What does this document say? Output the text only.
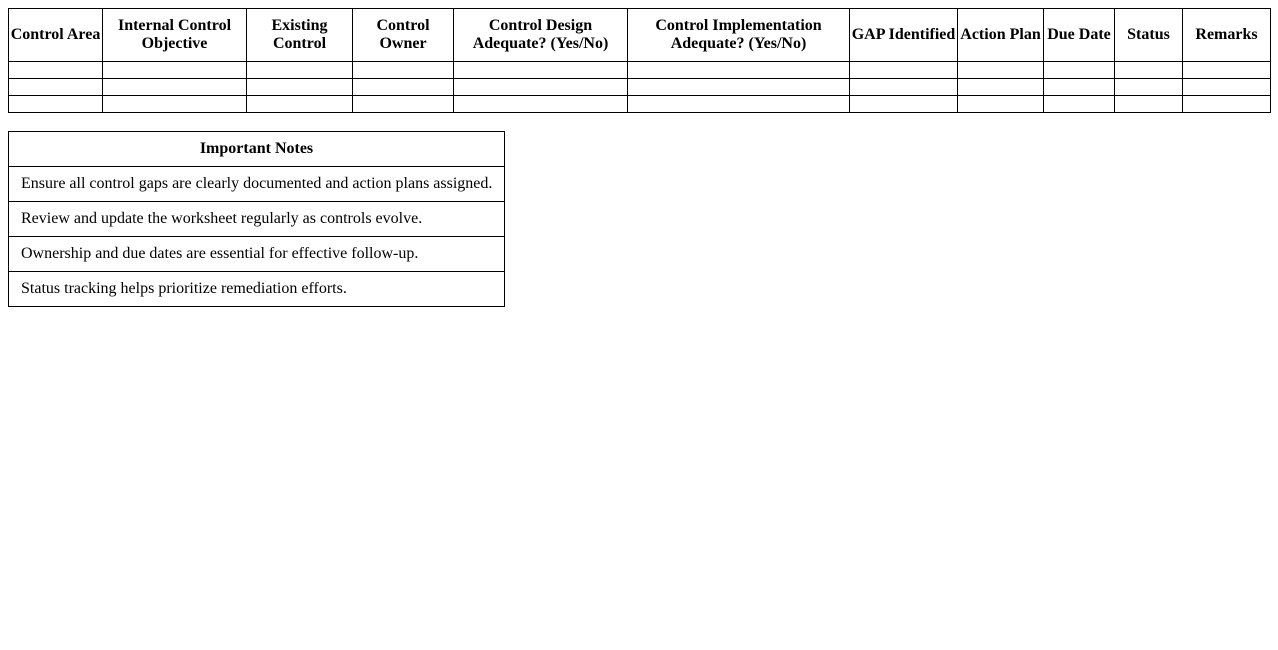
Control Area	Internal Control Objective	Existing Control	Control Owner	Control Design Adequate? (Yes/No)	Control Implementation Adequate? (Yes/No)	GAP Identified	Action Plan	Due Date	Status	Remarks

Important Notes
Ensure all control gaps are clearly documented and action plans assigned.
Review and update the worksheet regularly as controls evolve.
Ownership and due dates are essential for effective follow-up.
Status tracking helps prioritize remediation efforts.
